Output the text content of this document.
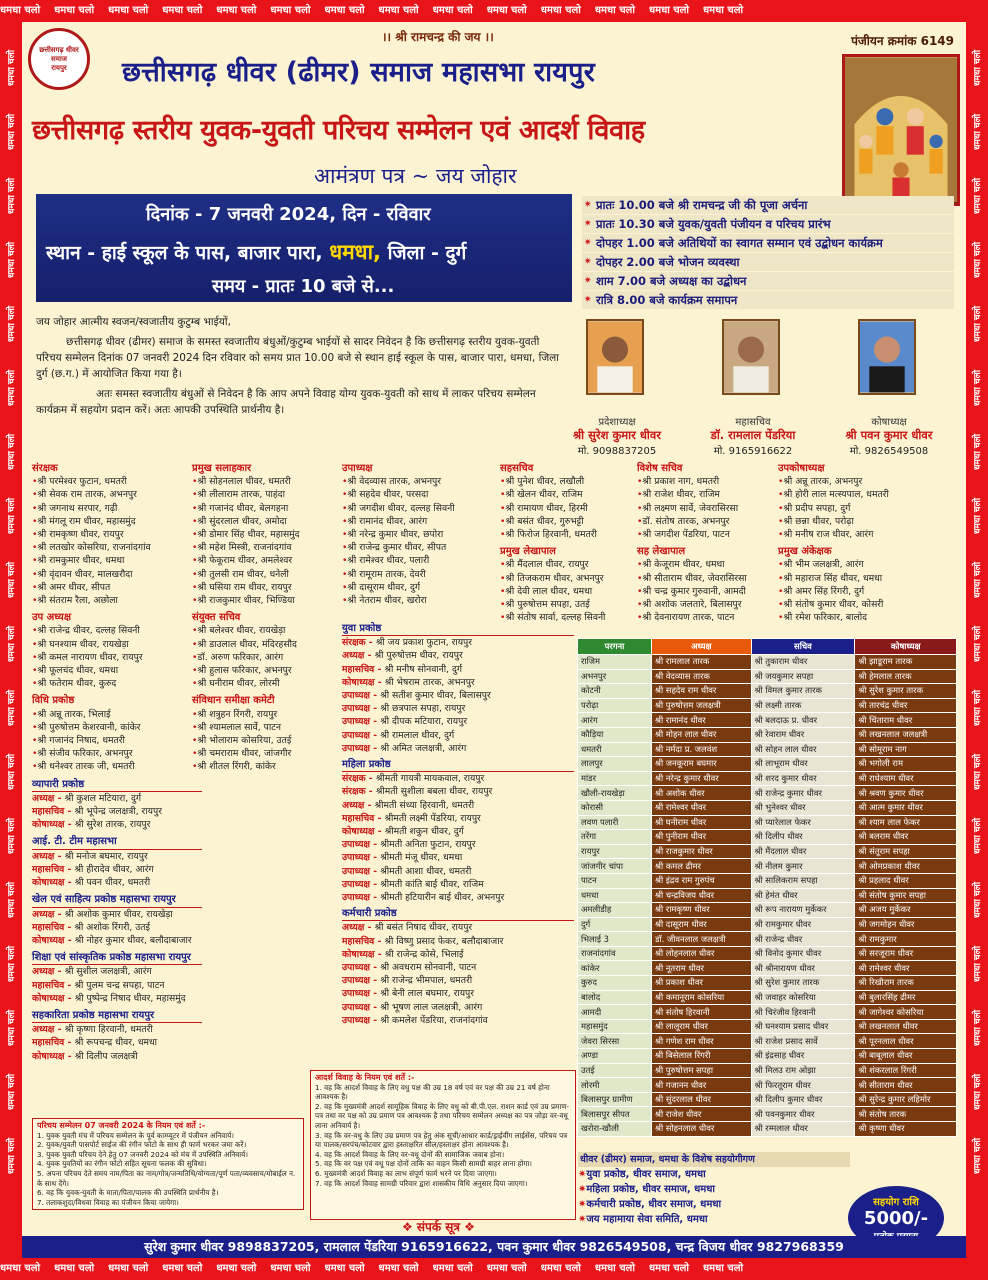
धमधा चलो धमधा चलो धमधा चलो धमधा चलो धमधा चलो धमधा चलो धमधा चलो धमधा चलो धमधा चलो धमधा चलो धमधा चलो धमधा चलो धमधा चलो धमधा चलो
धमधा चलो धमधा चलो धमधा चलो धमधा चलो धमधा चलो धमधा चलो धमधा चलो धमधा चलो धमधा चलो धमधा चलो धमधा चलो धमधा चलो धमधा चलो धमधा चलो
धमधा चलो
धमधा चलो
धमधा चलो
धमधा चलो
धमधा चलो
धमधा चलो
धमधा चलो
धमधा चलो
धमधा चलो
धमधा चलो
धमधा चलो
धमधा चलो
धमधा चलो
धमधा चलो
धमधा चलो
धमधा चलो
धमधा चलो
धमधा चलो
धमधा चलो
धमधा चलो
धमधा चलो
धमधा चलो
धमधा चलो
धमधा चलो
धमधा चलो
धमधा चलो
धमधा चलो
धमधा चलो
धमधा चलो
धमधा चलो
धमधा चलो
धमधा चलो
धमधा चलो
धमधा चलो
धमधा चलो
धमधा चलो
छत्तीसगढ़ धीवर समाज
रायपुर
।। श्री रामचन्द्र की जय ।।	पंजीयन क्रमांक 6149
छत्तीसगढ़ धीवर (ढीमर) समाज महासभा रायपुर
छत्तीसगढ़ स्तरीय युवक-युवती परिचय सम्मेलन एवं आदर्श विवाह
आमंत्रण पत्र ~ जय जोहार
दिनांक - 7 जनवरी 2024, दिन - रविवार
स्थान - हाई स्कूल के पास, बाजार पारा, धमधा, जिला - दुर्ग
समय - प्रातः 10 बजे से...
✷ प्रातः 10.00 बजे श्री रामचन्द्र जी की पूजा अर्चना
✷ प्रातः 10.30 बजे युवक/युवती पंजीयन व परिचय प्रारंभ
✷ दोपहर 1.00 बजे अतिथियों का स्वागत सम्मान एवं उद्बोधन कार्यक्रम
✷ दोपहर 2.00 बजे भोजन व्यवस्था
✷ शाम 7.00 बजे अध्यक्ष का उद्बोधन
✷ रात्रि 8.00 बजे कार्यक्रम समापन

जय जोहार आत्मीय स्वजन/स्वजातीय कुटुम्ब भाईयों,

छत्तीसगढ़ धीवर (ढीमर) समाज के समस्त स्वजातीय बंधुओं/कुटुम्ब भाईयों से सादर निवेदन है कि छत्तीसगढ़ स्तरीय युवक-युवती परिचय सम्मेलन दिनांक 07 जनवरी 2024 दिन रविवार को समय प्रात 10.00 बजे से स्थान हाई स्कूल के पास, बाजार पारा, धमधा, जिला दुर्ग (छ.ग.) में आयोजित किया गया है।

अतः समस्त स्वजातीय बंधुओं से निवेदन है कि आप अपने विवाह योग्य युवक-युवती को साथ में लाकर परिचय सम्मेलन कार्यक्रम में सहयोग प्रदान करें। अतः आपकी उपस्थिति प्रार्थनीय है।

प्रदेशाध्यक्ष
श्री सुरेश कुमार धीवर
मो. 9098837205
महासचिव
डॉ. रामलाल पेंडरिया
मो. 9165916622
कोषाध्यक्ष
श्री पवन कुमार धीवर
मो. 9826549508
संरक्षक
• श्री परमेश्वर फुटान, धमतरी
• श्री सेवक राम तारक, अभनपुर
• श्री जगनाथ सरपार, गढ़ी
• श्री मंगलू राम धीवर, महासमुंद
• श्री रामकृष्ण धीवर, रायपुर
• श्री लतखोर कोसरिया, राजनांदगांव
• श्री रामकुमार धीवर, धमधा
• श्री वृंदावन धीवर, मालखरौदा
• श्री अमर धीवर, सीपत
• श्री संतराम रैला, अछोला
उप अध्यक्ष
• श्री राजेन्द्र धीवर, दल्लह सिवनी
• श्री घनश्याम धीवर, रायखेड़ा
• श्री कमल नारायण धीवर, रायपुर
• श्री फूलचंद धीवर, धमधा
• श्री फतेराम धीवर, कुरुद
विधि प्रकोष्ठ
• श्री अन्नू तारक, भिलाई
• श्री पुरुषोत्तम केशरवानी, कांकेर
• श्री गजानंद निषाद, धमतरी
• श्री संजीव फरिकार, अभनपुर
• श्री धनेश्वर तारक जी, धमतरी
व्यापारी प्रकोष्ठ
अध्यक्ष - श्री कुशल मटियारा, दुर्ग
महासचिव - श्री भूपेन्द्र जलक्षत्री, रायपुर
कोषाध्यक्ष - श्री सुरेश तारक, रायपुर
आई. टी. टीम महासभा
अध्यक्ष - श्री मनोज बघमार, रायपुर
महासचिव - श्री हीरादेव धीवर, आरंग
कोषाध्यक्ष - श्री पवन धीवर, धमतरी
खेल एवं साहित्य प्रकोष्ठ महासभा रायपुर
अध्यक्ष - श्री अशोक कुमार धीवर, रायखेड़ा
महासचिव - श्री अशोक रिंगरी, उतई
कोषाध्यक्ष - श्री नोहर कुमार धीवर, बलौदाबाजार
शिक्षा एवं सांस्कृतिक प्रकोष्ठ महासभा रायपुर
अध्यक्ष - श्री सुशील जलक्षत्री, आरंग
महासचिव - श्री पुलम चन्द्र सपहा, पाटन
कोषाध्यक्ष - श्री पुष्पेन्द्र निषाद धीवर, महासमुंद
सहकारिता प्रकोष्ठ महासभा रायपुर
अध्यक्ष - श्री कृष्णा हिरवानी, धमतरी
महासचिव - श्री रूपचन्द्र धीवर, धमधा
कोषाध्यक्ष - श्री दिलीप जलक्षत्री
प्रमुख सलाहकार
• श्री सोहनलाल धीवर, धमतरी
• श्री लीलाराम तारक, पाहंदा
• श्री गजानंद धीवर, बेलगहना
• श्री सुंदरलाल धीवर, अमोदा
• श्री डोमार सिंह धीवर, महासमुंद
• श्री महेश मिस्त्री, राजनांदगांव
• श्री फेकूराम धीवर, अमलेश्वर
• श्री तुलसी राम धीवर, धनेली
• श्री घसिया राम धीवर, रायपुर
• श्री राजकुमार धीवर, भिण्डिया
संयुक्त सचिव
• श्री बलेश्वर धीवर, रायखेड़ा
• श्री डाउलाल धीवर, मंदिरहसौद
• डॉ. अरुण फरिकार, आरंग
• श्री हुलास फरिकार, अभनपुर
• श्री घनीराम धीवर, लोरमी
संविधान समीक्षा कमेटी
• श्री शत्रुहन रिंगरी, रायपुर
• श्री श्यामलाल सार्वे, पाटन
• श्री भोलाराम कोसरिया, उतई
• श्री चमराराम धीवर, जांजगीर
• श्री शीतल रिंगरी, कांकेर
उपाध्यक्ष
• श्री वेदव्यास तारक, अभनपुर
• श्री सहदेव धीवर, परसदा
• श्री जगदीश धीवर, दल्लह सिवनी
• श्री रामानंद धीवर, आरंग
• श्री नरेन्द्र कुमार धीवर, छपोरा
• श्री राजेन्द्र कुमार धीवर, सीपत
• श्री रामेश्वर धीवर, पलारी
• श्री रामूराम तारक, देवरी
• श्री दासूराम धीवर, दुर्ग
• श्री नेतराम धीवर, खरोरा
युवा प्रकोष्ठ
संरक्षक - श्री जय प्रकाश फुटान, रायपुर
अध्यक्ष - श्री पुरुषोत्तम धीवर, रायपुर
महासचिव - श्री मनीष सोनवानी, दुर्ग
कोषाध्यक्ष - श्री भेषराम तारक, अभनपुर
उपाध्यक्ष - श्री सतीश कुमार धीवर, बिलासपुर
उपाध्यक्ष - श्री छत्रपाल सपहा, रायपुर
उपाध्यक्ष - श्री दीपक मटियारा, रायपुर
उपाध्यक्ष - श्री रामलाल धीवर, दुर्ग
उपाध्यक्ष - श्री अमित जलक्षत्री, आरंग
महिला प्रकोष्ठ
संरक्षक - श्रीमती गायत्री मायकवाल, रायपुर
संरक्षक - श्रीमती सुशीला बबला धीवर, रायपुर
अध्यक्ष - श्रीमती संध्या हिरवानी, धमतरी
महासचिव - श्रीमती लक्ष्मी पेंडरिया, रायपुर
कोषाध्यक्ष - श्रीमती शकुन धीवर, दुर्ग
उपाध्यक्ष - श्रीमती अनिता फुटान, रायपुर
उपाध्यक्ष - श्रीमती मंजू धीवर, धमधा
उपाध्यक्ष - श्रीमती आशा धीवर, धमतरी
उपाध्यक्ष - श्रीमती कांति बाई धीवर, राजिम
उपाध्यक्ष - श्रीमती हटियारीन बाई धीवर, अभनपुर
कर्मचारी प्रकोष्ठ
अध्यक्ष - श्री बसंत निषाद धीवर, रायपुर
महासचिव - श्री विष्णु प्रसाद फेकर, बलौदाबाजार
कोषाध्यक्ष - श्री राजेन्द्र कोसे, भिलाई
उपाध्यक्ष - श्री अवधराम सोनवानी, पाटन
उपाध्यक्ष - श्री राजेन्द्र भीमपाल, धमतरी
उपाध्यक्ष - श्री बेनी लाल बघमार, रायपुर
उपाध्यक्ष - श्री भूषण लाल जलक्षत्री, आरंग
उपाध्यक्ष - श्री कमलेश पेंडरिया, राजनांदगांव
सहसचिव
• श्री पुनेश धीवर, लखौली
• श्री खेलन धीवर, राजिम
• श्री रामायण धीवर, हिरमी
• श्री बसंत धीवर, गुरुभट्टी
• श्री फिरोज हिरवानी, धमतरी
प्रमुख लेखापाल
• श्री मैंदलाल धीवर, रायपुर
• श्री तिजकराम धीवर, अभनपुर
• श्री देवी लाल धीवर, धमधा
• श्री पुरुषोत्तम सपहा, उतई
• श्री संतोष सार्वा, दल्लह सिवनी
विशेष सचिव
• श्री प्रकाश नाग, धमतरी
• श्री राजेश धीवर, राजिम
• श्री लक्ष्मण सार्वे, जेवरासिरसा
• डॉ. संतोष तारक, अभनपुर
• श्री जगदीश पेंडरिया, पाटन
सह लेखापाल
• श्री केजूराम धीवर, धमधा
• श्री सीताराम धीवर, जेवरासिरसा
• श्री चन्द्र कुमार गुरुवानी, आमदी
• श्री अशोक जलतारे, बिलासपुर
• श्री देवनारायण तारक, पाटन
उपकोषाध्यक्ष
• श्री अन्नू तारक, अभनपुर
• श्री होरी लाल मत्स्यपाल, धमतरी
• श्री प्रदीप सपहा, दुर्ग
• श्री छन्ना धीवर, परोढ़ा
• श्री मनीष राज धीवर, आरंग
प्रमुख अंकेक्षक
• श्री भीम जलक्षत्री, आरंग
• श्री महाराज सिंह धीवर, धमधा
• श्री अमर सिंह रिंगरी, दुर्ग
• श्री संतोष कुमार धीवर, कोसरी
• श्री रमेश फरिकार, बालोद
परगना	अध्यक्ष	सचिव	कोषाध्यक्ष
राजिम	श्री रामलाल तारक	श्री तुकाराम धीवर	श्री झाडूराम तारक
अभनपुर	श्री वेदव्यास तारक	श्री जयकुमार सपहा	श्री हेमलाल तारक
कोटनी	श्री सहदेव राम धीवर	श्री विमल कुमार तारक	श्री सुरेश कुमार तारक
परोढ़ा	श्री पुरुषोत्तम जलक्षत्री	श्री लक्ष्मी तारक	श्री तारचंद्र धीवर
आरंग	श्री रामानंद धीवर	श्री बलदाऊ प्र. धीवर	श्री चिंताराम धीवर
कौड़िया	श्री मोहन लाल धीवर	श्री रेवाराम धीवर	श्री लखनलाल जलक्षत्री
धमतरी	श्री नर्मदा प्र. जलवंश	श्री सोहन लाल धीवर	श्री सोमूराम नाग
लालपुर	श्री जनकूराम बघमार	श्री लाभूराम धीवर	श्री भगोली राम
मांडर	श्री नरेन्द्र कुमार धीवर	श्री शरद कुमार धीवर	श्री राधेश्याम धीवर
खौली-रायखेड़ा	श्री अशोक धीवर	श्री राजेन्द्र कुमार धीवर	श्री श्रवण कुमार धीवर
कोरासी	श्री रामेश्वर धीवर	श्री भुनेश्वर धीवर	श्री आत्म कुमार धीवर
लवण पलारी	श्री घनीराम धीवर	श्री प्यारेलाल फेकर	श्री श्याम लाल फेकर
तरेंगा	श्री पुनीराम धीवर	श्री दिलीप धीवर	श्री बलराम धीवर
रायपुर	श्री राजकुमार धीवर	श्री मैंदलाल धीवर	श्री संतूराम सपहा
जांजगीर चांपा	श्री कमल ढीमर	श्री नीलम कुमार	श्री ओमप्रकाश धीवर
पाटन	श्री इंद्रव राम गुरुपंच	श्री सालिकराम सपहा	श्री प्रहलाद धीवर
धमधा	श्री चन्द्रविजय धीवर	श्री हेमंत धीवर	श्री संतोष कुमार सपहा
अमलीडीह	श्री रामकृष्ण धीवर	श्री रूप नारायण मुर्केकर	श्री अजय मुर्केकर
दुर्ग	श्री दासूराम धीवर	श्री रामकुमार धीवर	श्री जगमोहन धीवर
भिलाई 3	डॉ. जीवनलाल जलक्षत्री	श्री राजेन्द्र धीवर	श्री रामकुमार
राजनांदगांव	श्री लोहनलाल धीवर	श्री विनोद कुमार धीवर	श्री सरजूराम धीवर
कांकेर	श्री नूतराम धीवर	श्री श्रीनारायण धीवर	श्री रामेश्वर धीवर
कुरुद	श्री प्रकाश धीवर	श्री सुरेश कुमार तारक	श्री रिखीराम तारक
बालोद	श्री कमानूराम कोसरिया	श्री जवाहर कोसरिया	श्री बुलारसिंह ढीमर
आमदी	श्री संतोष हिरवानी	श्री चिरंजीव हिरवानी	श्री जागेश्वर कोसरिया
महासमुंद	श्री लालूराम धीवर	श्री घनश्याम प्रसाद धीवर	श्री लखनलाल धीवर
जेवरा सिरसा	श्री गणेश राम धीवर	श्री राजेश प्रसाद सार्वे	श्री पूरनलाल धीवर
अण्डा	श्री बिसेलाल रिंगरी	श्री इंद्रसाह धीवर	श्री बाबूलाल धीवर
उतई	श्री पुरुषोत्तम सपहा	श्री मिलउ राम ओझा	श्री शंकरलाल रिंगरी
लोरमी	श्री गजानन धीवर	श्री फिरतूराम धीवर	श्री सीताराम धीवर
बिलासपुर ग्रामीण	श्री सुंदरलाल धीवर	श्री दिलीप कुमार धीवर	श्री सुरेन्द्र कुमार लहिमोर
बिलासपुर सीपत	श्री राजेश धीवर	श्री पवनकुमार धीवर	श्री संतोष तारक
खरोरा-खौली	श्री सोहनलाल धीवर	श्री रम्मलाल धीवर	श्री कृष्णा धीवर
परिचय सम्मेलन 07 जनवरी 2024 के नियम एवं शर्ते :-
1. युवक युवती मंच में परिचय सम्मेलन के पूर्व काम्प्यूटर में पंजीयन अनिवार्य।
2. युवक/युवती पासपोर्ट साईज की रंगीन फोटो के साथ ही फार्म भरकर जमा करें।
3. युवक युवती परिचय देने हेतु 07 जनवरी 2024 को मंच में उपस्थिति अनिवार्य।
4. युवक युवतियों का रंगीन फोटो सहित सूचना फलक की सुविधा।
5. अपना परिचय देते समय नाम/पिता का नाम/गोत्र/जन्मतिथि/योग्यता/पूर्ण पता/व्यवसाय/मोबाईल न. के साथ देंगे।
6. वह कि युवक-युवती के माता/पिता/पालक की उपस्थिति प्रार्थनीय है।
7. तलाकशुदा/विधवा विवाह का पंजीयन किया जायेगा।
आदर्श विवाह के नियम एवं शर्ते :-
1. वह कि आदर्श विवाह के लिए वधु पक्ष की उम्र 18 वर्ष एवं वर पक्ष की उम्र 21 वर्ष होना आवश्यक है।
2. वह कि मुख्यमंत्री आदर्श सामूहिक विवाह के लिए वधु को बी.पी.एल. राशन कार्ड एवं उम्र प्रमाण-पत्र तथा वर पक्ष को उम्र प्रमाण पत्र आवश्यक है तथा परिचय सम्मेलन अध्यक्ष का पत्र जोड़ा वर-वधू लाना अनिवार्य है।
3. वह कि वर-वधु के लिए उम्र प्रमाण पत्र हेतु अंक सूची/आधार कार्ड/ड्राईवींग लाईसेंस, परिचय पत्र या पालक/सरपंच/कोटवार द्वारा हस्ताक्षरित सील/हस्ताक्षर होना आवश्यक है।
4. वह कि आदर्श विवाह के लिए वर-वधू दोनों की सामाजिक जवाब होना।
5. वह कि वर पक्ष एवं वधू पक्ष दोनों ताकि का वाहन किसी सामग्री बाहर लाना होगा।
6. मुख्यमंत्री आदर्श विवाह का लाभ संपूर्ण फार्म भरने पर दिया जाएगा।
7. वह कि आदर्श विवाह सामग्री परिवार द्वारा शासकीय विधि अनुसार दिया जाएगा।
धीवर (ढीमर) समाज, धमधा के विशेष सहयोगीगण
✷ युवा प्रकोष्ठ, धीवर समाज, धमधा
✷ महिला प्रकोष्ठ, धीवर समाज, धमधा
✷ कर्मचारी प्रकोष्ठ, धीवर समाज, धमधा
✷ जय महामाया सेवा समिति, धमधा
सहयोग राशि
5000/-
❖ संपर्क सूत्र ❖
सुरेश कुमार धीवर 9898837205, रामलाल पेंडरिया 9165916622, पवन कुमार धीवर 9826549508, चन्द्र विजय धीवर 9827968359
